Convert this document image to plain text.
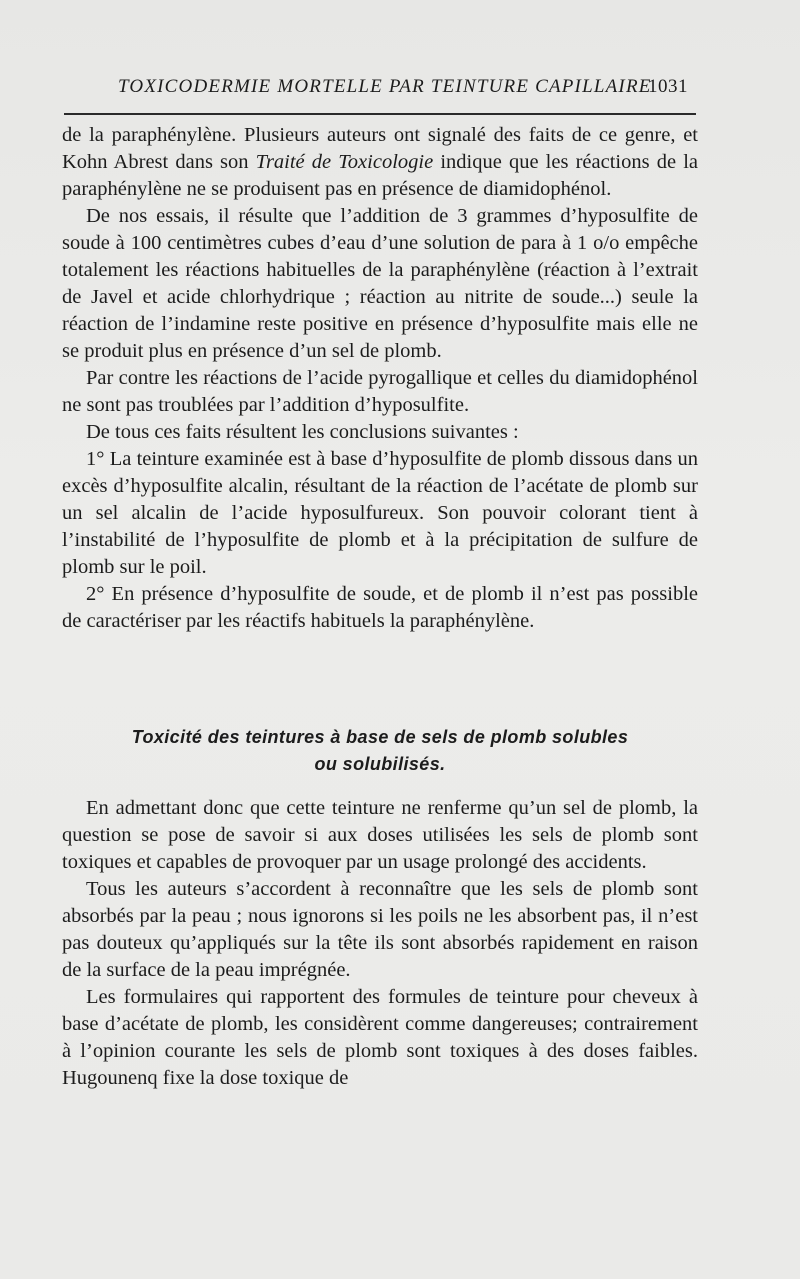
TOXICODERMIE MORTELLE PAR TEINTURE CAPILLAIRE
1031

de la paraphénylène. Plusieurs auteurs ont signalé des faits de ce genre, et Kohn Abrest dans son Traité de Toxicologie indique que les réactions de la paraphénylène ne se produisent pas en présence de diamidophénol.

De nos essais, il résulte que l’addition de 3 grammes d’hyposulfite de soude à 100 centimètres cubes d’eau d’une solution de para à 1 o/o empêche totalement les réactions habituelles de la paraphénylène (réaction à l’extrait de Javel et acide chlorhydrique ; réaction au nitrite de soude...) seule la réaction de l’indamine reste positive en présence d’hyposulfite mais elle ne se produit plus en présence d’un sel de plomb.

Par contre les réactions de l’acide pyrogallique et celles du diamidophénol ne sont pas troublées par l’addition d’hyposulfite.

De tous ces faits résultent les conclusions suivantes :

1° La teinture examinée est à base d’hyposulfite de plomb dissous dans un excès d’hyposulfite alcalin, résultant de la réaction de l’acétate de plomb sur un sel alcalin de l’acide hyposulfureux. Son pouvoir colorant tient à l’instabilité de l’hyposulfite de plomb et à la précipitation de sulfure de plomb sur le poil.

2° En présence d’hyposulfite de soude, et de plomb il n’est pas possible de caractériser par les réactifs habituels la paraphénylène.

Toxicité des teintures à base de sels de plomb solubles
ou solubilisés.

En admettant donc que cette teinture ne renferme qu’un sel de plomb, la question se pose de savoir si aux doses utilisées les sels de plomb sont toxiques et capables de provoquer par un usage prolongé des accidents.

Tous les auteurs s’accordent à reconnaître que les sels de plomb sont absorbés par la peau ; nous ignorons si les poils ne les absorbent pas, il n’est pas douteux qu’appliqués sur la tête ils sont absorbés rapidement en raison de la surface de la peau imprégnée.

Les formulaires qui rapportent des formules de teinture pour cheveux à base d’acétate de plomb, les considèrent comme dangereuses; contrairement à l’opinion courante les sels de plomb sont toxiques à des doses faibles. Hugounenq fixe la dose toxique de
